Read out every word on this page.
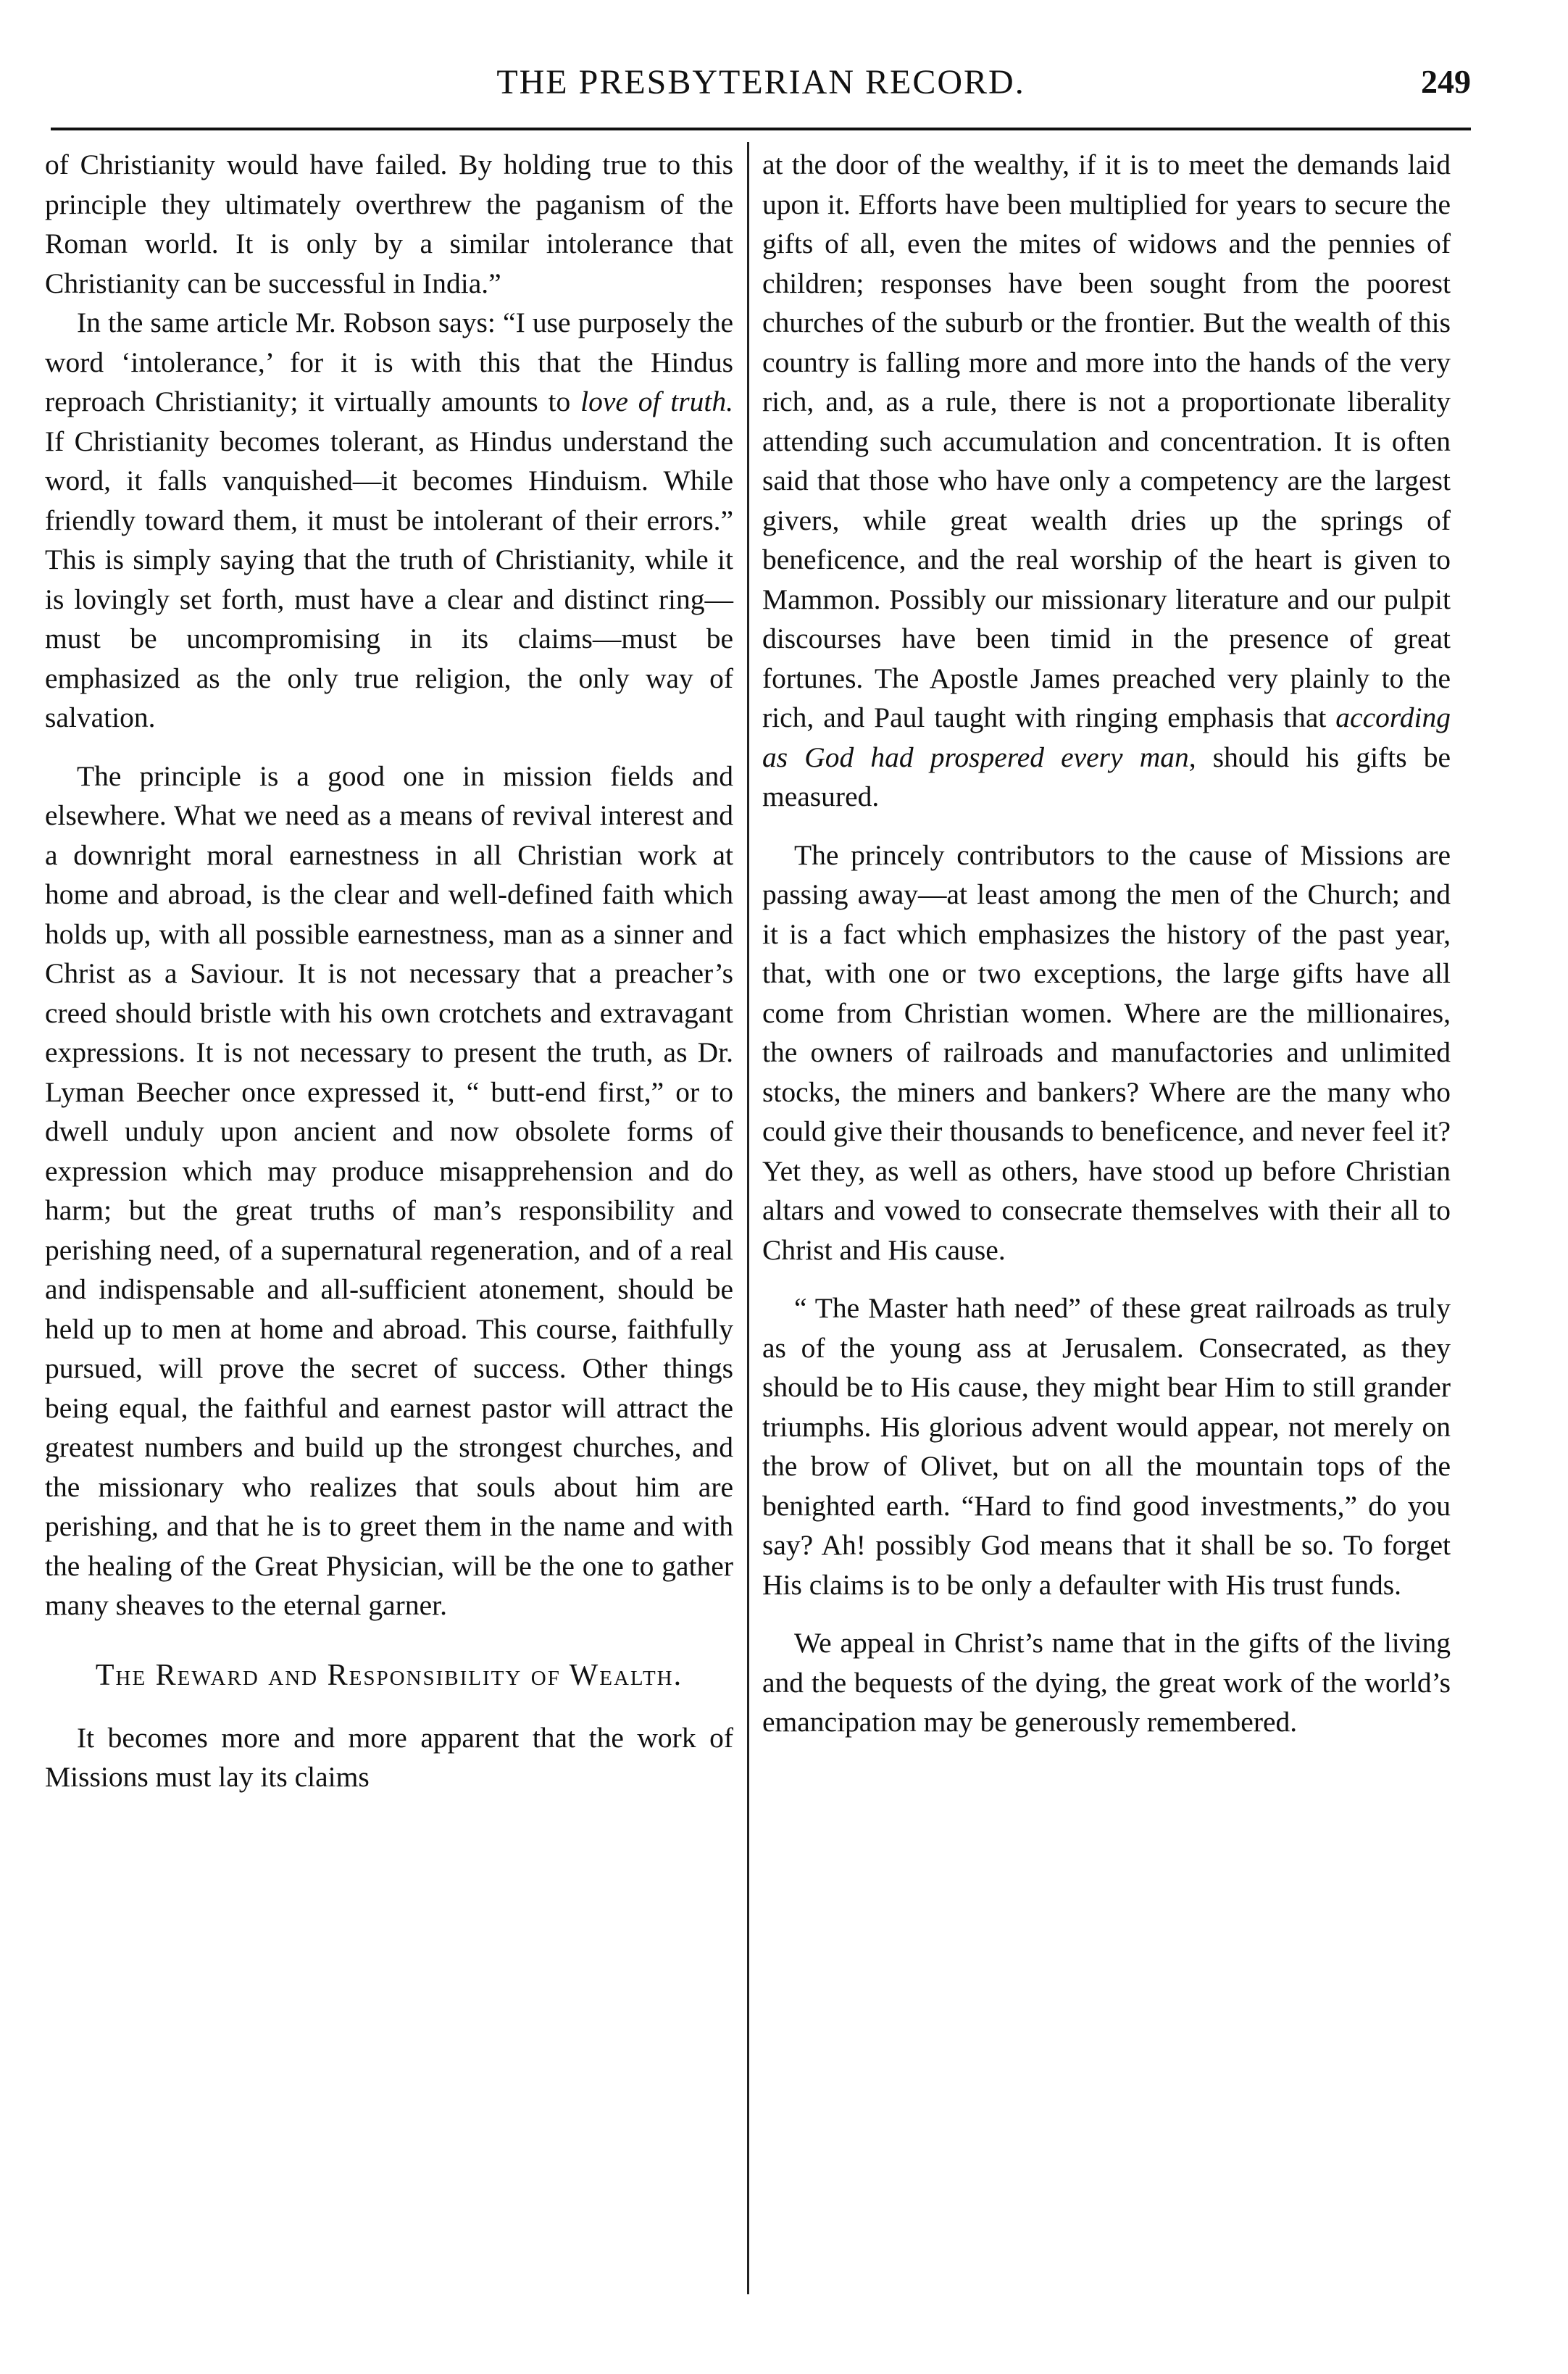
THE PRESBYTERIAN RECORD.	249

of Christianity would have failed. By holding true to this principle they ultimately overthrew the paganism of the Roman world. It is only by a similar intolerance that Christianity can be successful in India.”

In the same article Mr. Robson says: “I use purposely the word ‘intolerance,’ for it is with this that the Hindus reproach Christianity; it virtually amounts to love of truth. If Christianity becomes tolerant, as Hindus understand the word, it falls vanquished—it becomes Hinduism. While friendly toward them, it must be intolerant of their errors.” This is simply saying that the truth of Christianity, while it is lovingly set forth, must have a clear and distinct ring—must be uncompromising in its claims—must be emphasized as the only true religion, the only way of salvation.

The principle is a good one in mission fields and elsewhere. What we need as a means of revival interest and a downright moral earnestness in all Christian work at home and abroad, is the clear and well-defined faith which holds up, with all possible earnestness, man as a sinner and Christ as a Saviour. It is not necessary that a preacher’s creed should bristle with his own crotchets and extravagant expressions. It is not necessary to present the truth, as Dr. Lyman Beecher once expressed it, “ butt-end first,” or to dwell unduly upon ancient and now obsolete forms of expression which may produce misapprehension and do harm; but the great truths of man’s responsibility and perishing need, of a supernatural regeneration, and of a real and indispensable and all-sufficient atonement, should be held up to men at home and abroad. This course, faithfully pursued, will prove the secret of success. Other things being equal, the faithful and earnest pastor will attract the greatest numbers and build up the strongest churches, and the missionary who realizes that souls about him are perishing, and that he is to greet them in the name and with the healing of the Great Physician, will be the one to gather many sheaves to the eternal garner.

The Reward and Responsibility of Wealth.

It becomes more and more apparent that the work of Missions must lay its claims

at the door of the wealthy, if it is to meet the demands laid upon it. Efforts have been multiplied for years to secure the gifts of all, even the mites of widows and the pennies of children; responses have been sought from the poorest churches of the suburb or the frontier. But the wealth of this country is falling more and more into the hands of the very rich, and, as a rule, there is not a proportionate liberality attending such accumulation and concentration. It is often said that those who have only a competency are the largest givers, while great wealth dries up the springs of beneficence, and the real worship of the heart is given to Mammon. Possibly our missionary literature and our pulpit discourses have been timid in the presence of great fortunes. The Apostle James preached very plainly to the rich, and Paul taught with ringing emphasis that according as God had prospered every man, should his gifts be measured.

The princely contributors to the cause of Missions are passing away—at least among the men of the Church; and it is a fact which emphasizes the history of the past year, that, with one or two exceptions, the large gifts have all come from Christian women. Where are the millionaires, the owners of railroads and manufactories and unlimited stocks, the miners and bankers? Where are the many who could give their thousands to beneficence, and never feel it? Yet they, as well as others, have stood up before Christian altars and vowed to consecrate themselves with their all to Christ and His cause.

“ The Master hath need” of these great railroads as truly as of the young ass at Jerusalem. Consecrated, as they should be to His cause, they might bear Him to still grander triumphs. His glorious advent would appear, not merely on the brow of Olivet, but on all the mountain tops of the benighted earth. “Hard to find good investments,” do you say? Ah! possibly God means that it shall be so. To forget His claims is to be only a defaulter with His trust funds.

We appeal in Christ’s name that in the gifts of the living and the bequests of the dying, the great work of the world’s emancipation may be generously remembered.
